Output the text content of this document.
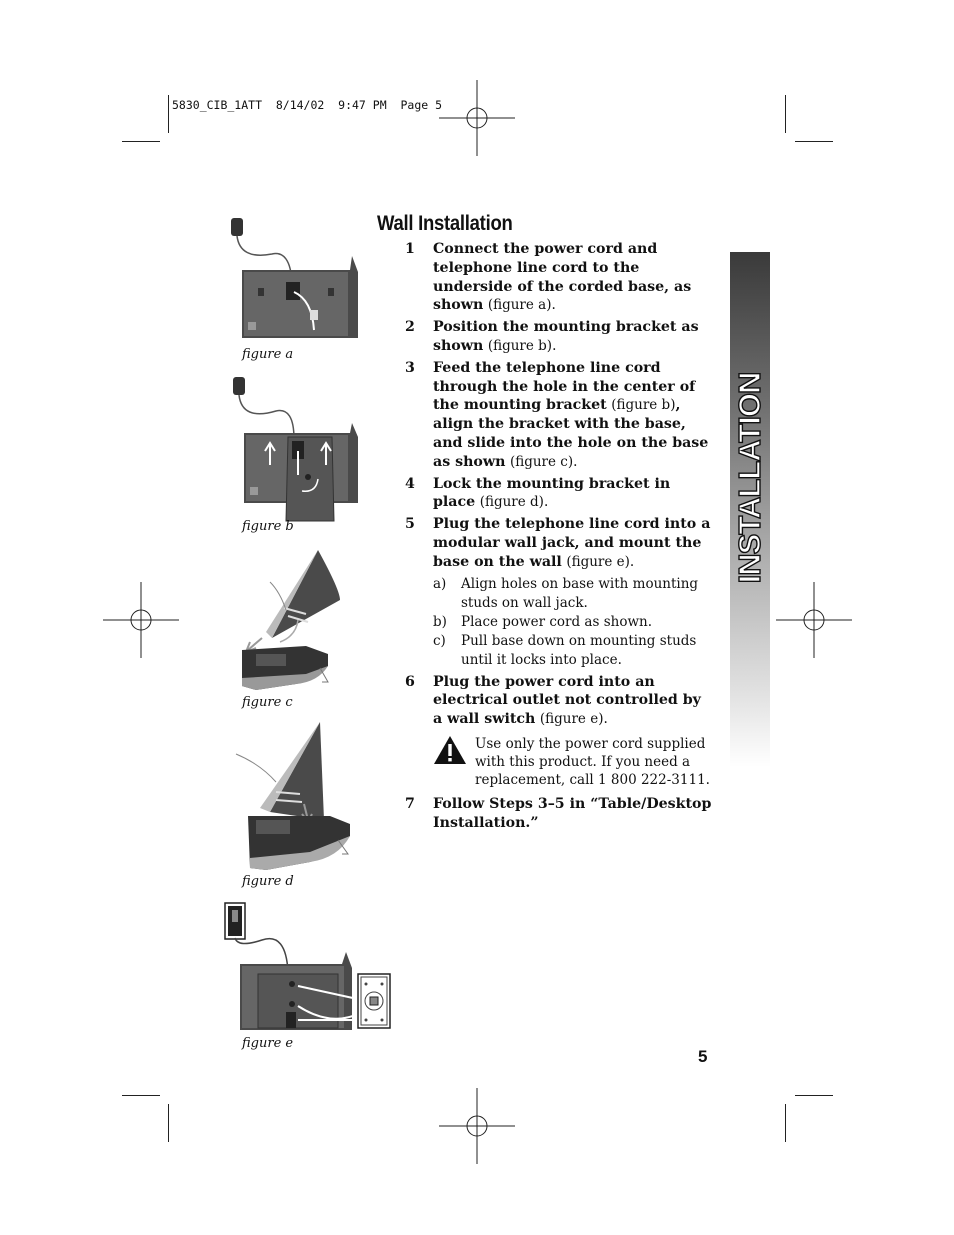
5830_CIB_1ATT  8/14/02  9:47 PM  Page 5
figure a
figure b
figure c
figure d
figure e
Wall Installation
1	Connect the power cord and telephone line cord to the underside of the corded base, as shown (figure a).
2	Position the mounting bracket as shown (figure b).
3	Feed the telephone line cord through the hole in the center of the mounting bracket (figure b), align the bracket with the base, and slide into the hole on the base as shown (figure c).
4	Lock the mounting bracket in place (figure d).
5	Plug the telephone line cord into a modular wall jack, and mount the base on the wall (figure e).
a)	Align holes on base with mounting studs on wall jack.
b)	Place power cord as shown.
c)	Pull base down on mounting studs until it locks into place.
6	Plug the power cord into an electrical outlet not controlled by a wall switch (figure e).
Use only the power cord supplied with this product. If you need a replacement, call 1 800 222-3111.
7	Follow Steps 3–5 in “Table/Desktop Installation.”
INSTALLATION
5
